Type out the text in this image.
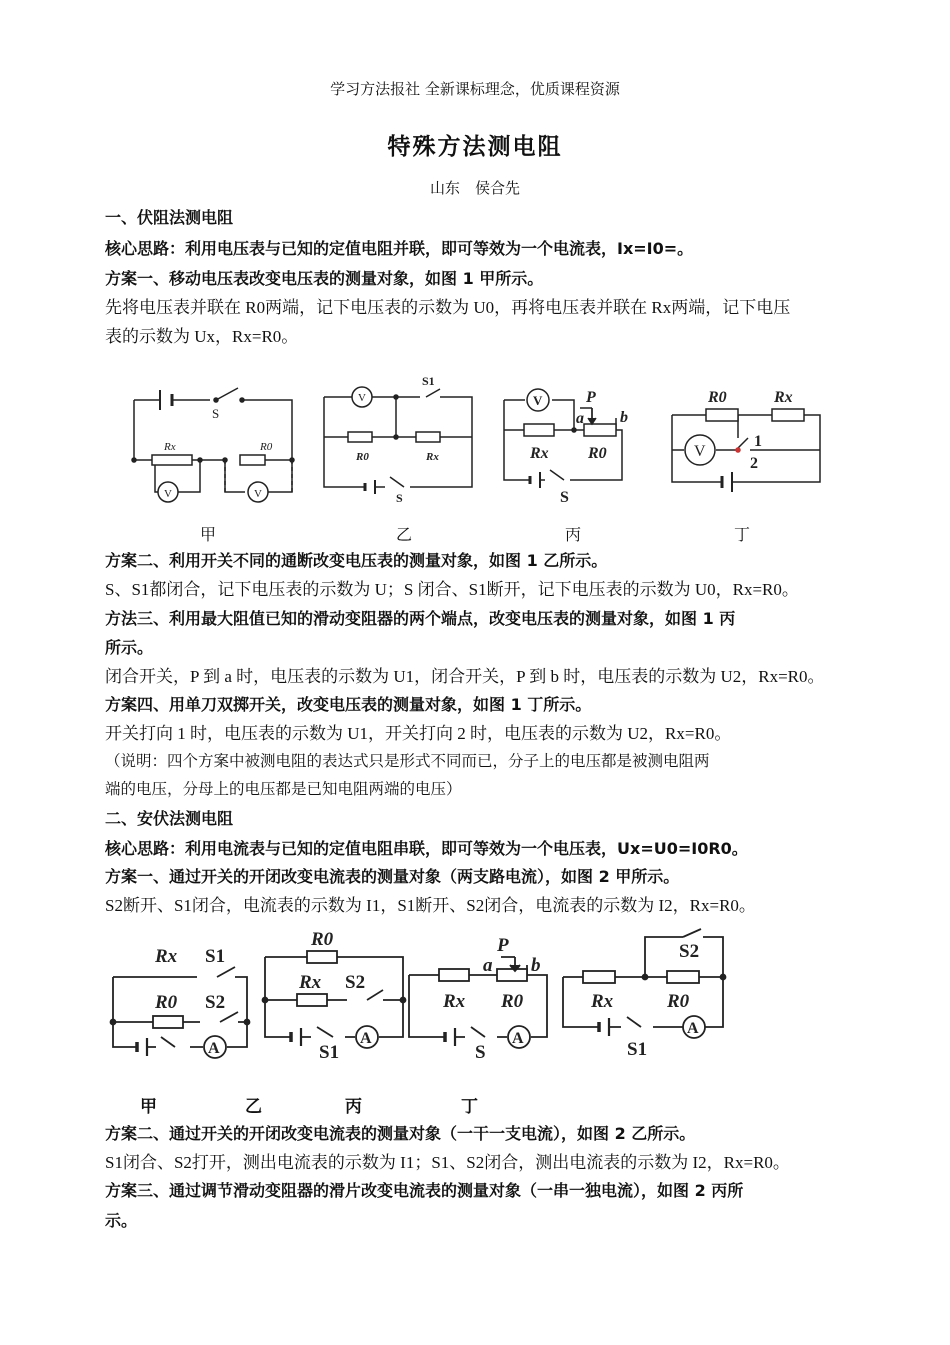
学习方法报社 全新课标理念，优质课程资源
特殊方法测电阻
山东　侯合先
一、伏阻法测电阻
核心思路：利用电压表与已知的定值电阻并联，即可等效为一个电流表，Ix=I0=。
方案一、移动电压表改变电压表的测量对象，如图 1 甲所示。
先将电压表并联在 R0两端，记下电压表的示数为 U0，再将电压表并联在 Rx两端，记下电压
表的示数为 Ux，Rx=R0。
S
Rx	R0
V	V
V
S1
R0	Rx
S
V	P
a b
Rx R0
S
R0	Rx
V
1
2
甲	乙	丙	丁
方案二、利用开关不同的通断改变电压表的测量对象，如图 1 乙所示。
S、S1都闭合，记下电压表的示数为 U；S 闭合、S1断开，记下电压表的示数为 U0，Rx=R0。
方法三、利用最大阻值已知的滑动变阻器的两个端点，改变电压表的测量对象，如图 1 丙
所示。
闭合开关，P 到 a 时，电压表的示数为 U1，闭合开关，P 到 b 时，电压表的示数为 U2，Rx=R0。
方案四、用单刀双掷开关，改变电压表的测量对象，如图 1 丁所示。
开关打向 1 时，电压表的示数为 U1，开关打向 2 时，电压表的示数为 U2，Rx=R0。
（说明：四个方案中被测电阻的表达式只是形式不同而已，分子上的电压都是被测电阻两
端的电压，分母上的电压都是已知电阻两端的电压）
二、安伏法测电阻
核心思路：利用电流表与已知的定值电阻串联，即可等效为一个电压表，Ux=U0=I0R0。
方案一、通过开关的开闭改变电流表的测量对象（两支路电流），如图 2 甲所示。
S2断开、S1闭合，电流表的示数为 I1，S1断开、S2闭合，电流表的示数为 I2，Rx=R0。
Rx S1
R0 S2
A
R0
Rx S2
S1
A
P
a b
Rx R0
S
A
S2
Rx	R0
S1
A
甲	乙	丙	丁
方案二、通过开关的开闭改变电流表的测量对象（一干一支电流），如图 2 乙所示。
S1闭合、S2打开，测出电流表的示数为 I1；S1、S2闭合，测出电流表的示数为 I2，Rx=R0。
方案三、通过调节滑动变阻器的滑片改变电流表的测量对象（一串一独电流），如图 2 丙所
示。
